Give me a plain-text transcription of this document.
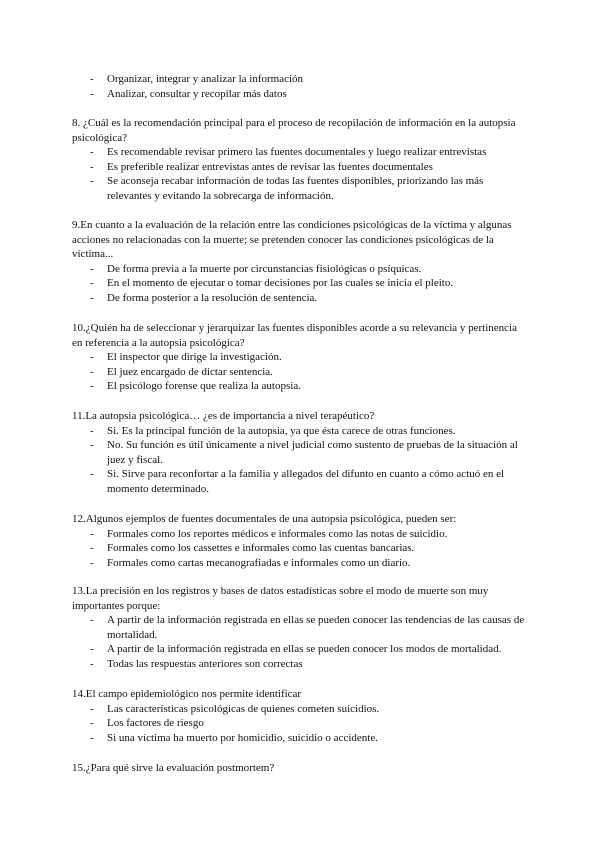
- Organizar, integrar y analizar la información
- Analizar, consultar y recopilar más datos

8. ¿Cuál es la recomendación principal para el proceso de recopilación de información en la autopsia psicológica?

- Es recomendable revisar primero las fuentes documentales y luego realizar entrevistas
- Es preferible realizar entrevistas antes de revisar las fuentes documentales
- Se aconseja recabar información de todas las fuentes disponibles, priorizando las más relevantes y evitando la sobrecarga de información.

9.En cuanto a la evaluación de la relación entre las condiciones psicológicas de la víctima y algunas acciones no relacionadas con la muerte; se pretenden conocer las condiciones psicológicas de la víctima...

- De forma previa a la muerte por circunstancias fisiológicas o psíquicas.
- En el momento de ejecutar o tomar decisiones por las cuales se inicia el pleito.
- De forma posterior a la resolución de sentencia.

10.¿Quién ha de seleccionar y jerarquizar las fuentes disponibles acorde a su relevancia y pertinencia en referencia a la autopsia psicológica?

- El inspector que dirige la investigación.
- El juez encargado de dictar sentencia.
- El psicólogo forense que realiza la autopsia.

11.La autopsia psicológica… ¿es de importancia a nivel terapéutico?

- Si. Es la principal función de la autopsia, ya que ésta carece de otras funciones.
- No. Su función es útil únicamente a nivel judicial como sustento de pruebas de la situación al juez y fiscal.
- Si. Sirve para reconfortar a la familia y allegados del difunto en cuanto a cómo actuó en el momento determinado.

12.Algunos ejemplos de fuentes documentales de una autopsia psicológica, pueden ser:

- Formales como los reportes médicos e informales como las notas de suicidio.
- Formales como los cassettes e informales como las cuentas bancarias.
- Formales como cartas mecanografiadas e informales como un diario.

13.La precisión en los registros y bases de datos estadísticas sobre el modo de muerte son muy importantes porque:

- A partir de la información registrada en ellas se pueden conocer las tendencias de las causas de mortalidad.
- A partir de la información registrada en ellas se pueden conocer los modos de mortalidad.
- Todas las respuestas anteriores son correctas

14.El campo epidemiológico nos permite identificar

- Las características psicológicas de quienes cometen suicidios.
- Los factores de riesgo
- Si una víctima ha muerto por homicidio, suicidio o accidente.

15.¿Para qué sirve la evaluación postmortem?
